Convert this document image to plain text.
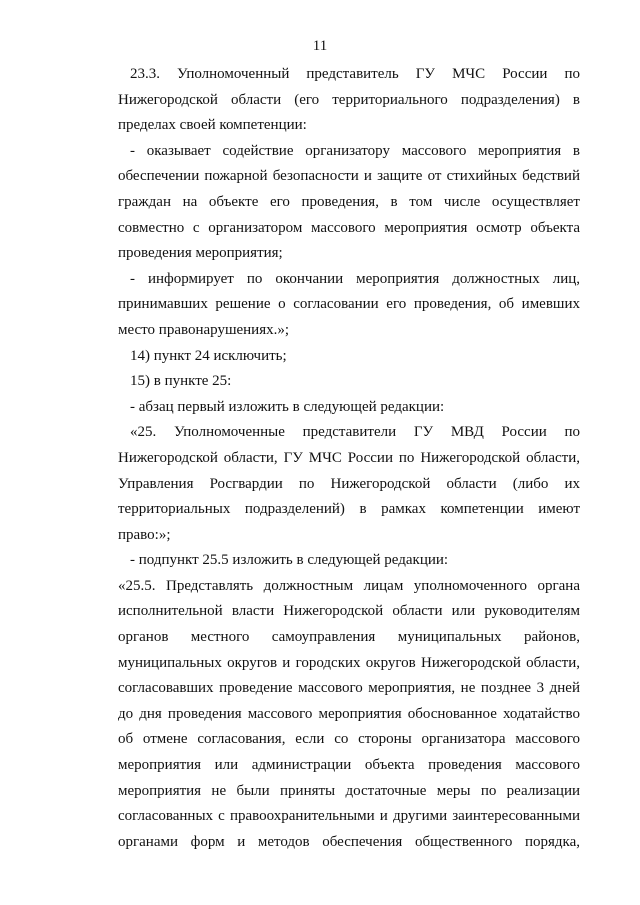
11

23.3. Уполномоченный представитель ГУ МЧС России по Нижегородской области (его территориального подразделения) в пределах своей компетенции:

- оказывает содействие организатору массового мероприятия в обеспечении пожарной безопасности и защите от стихийных бедствий граждан на объекте его проведения, в том числе осуществляет совместно с организатором массового мероприятия осмотр объекта проведения мероприятия;

- информирует по окончании мероприятия должностных лиц, принимавших решение о согласовании его проведения, об имевших место правонарушениях.»;

14) пункт 24 исключить;

15) в пункте 25:

- абзац первый изложить в следующей редакции:

«25. Уполномоченные представители ГУ МВД России по Нижегородской области, ГУ МЧС России по Нижегородской области, Управления Росгвардии по Нижегородской области (либо их территориальных подразделений) в рамках компетенции имеют право:»;

- подпункт 25.5 изложить в следующей редакции:

«25.5. Представлять должностным лицам уполномоченного органа исполнительной власти Нижегородской области или руководителям органов местного самоуправления муниципальных районов, муниципальных округов и городских округов Нижегородской области, согласовавших проведение массового мероприятия, не позднее 3 дней до дня проведения массового мероприятия обоснованное ходатайство об отмене согласования, если со стороны организатора массового мероприятия или администрации объекта проведения массового мероприятия не были приняты достаточные меры по реализации согласованных с правоохранительными и другими заинтересованными органами форм и методов обеспечения общественного порядка,
